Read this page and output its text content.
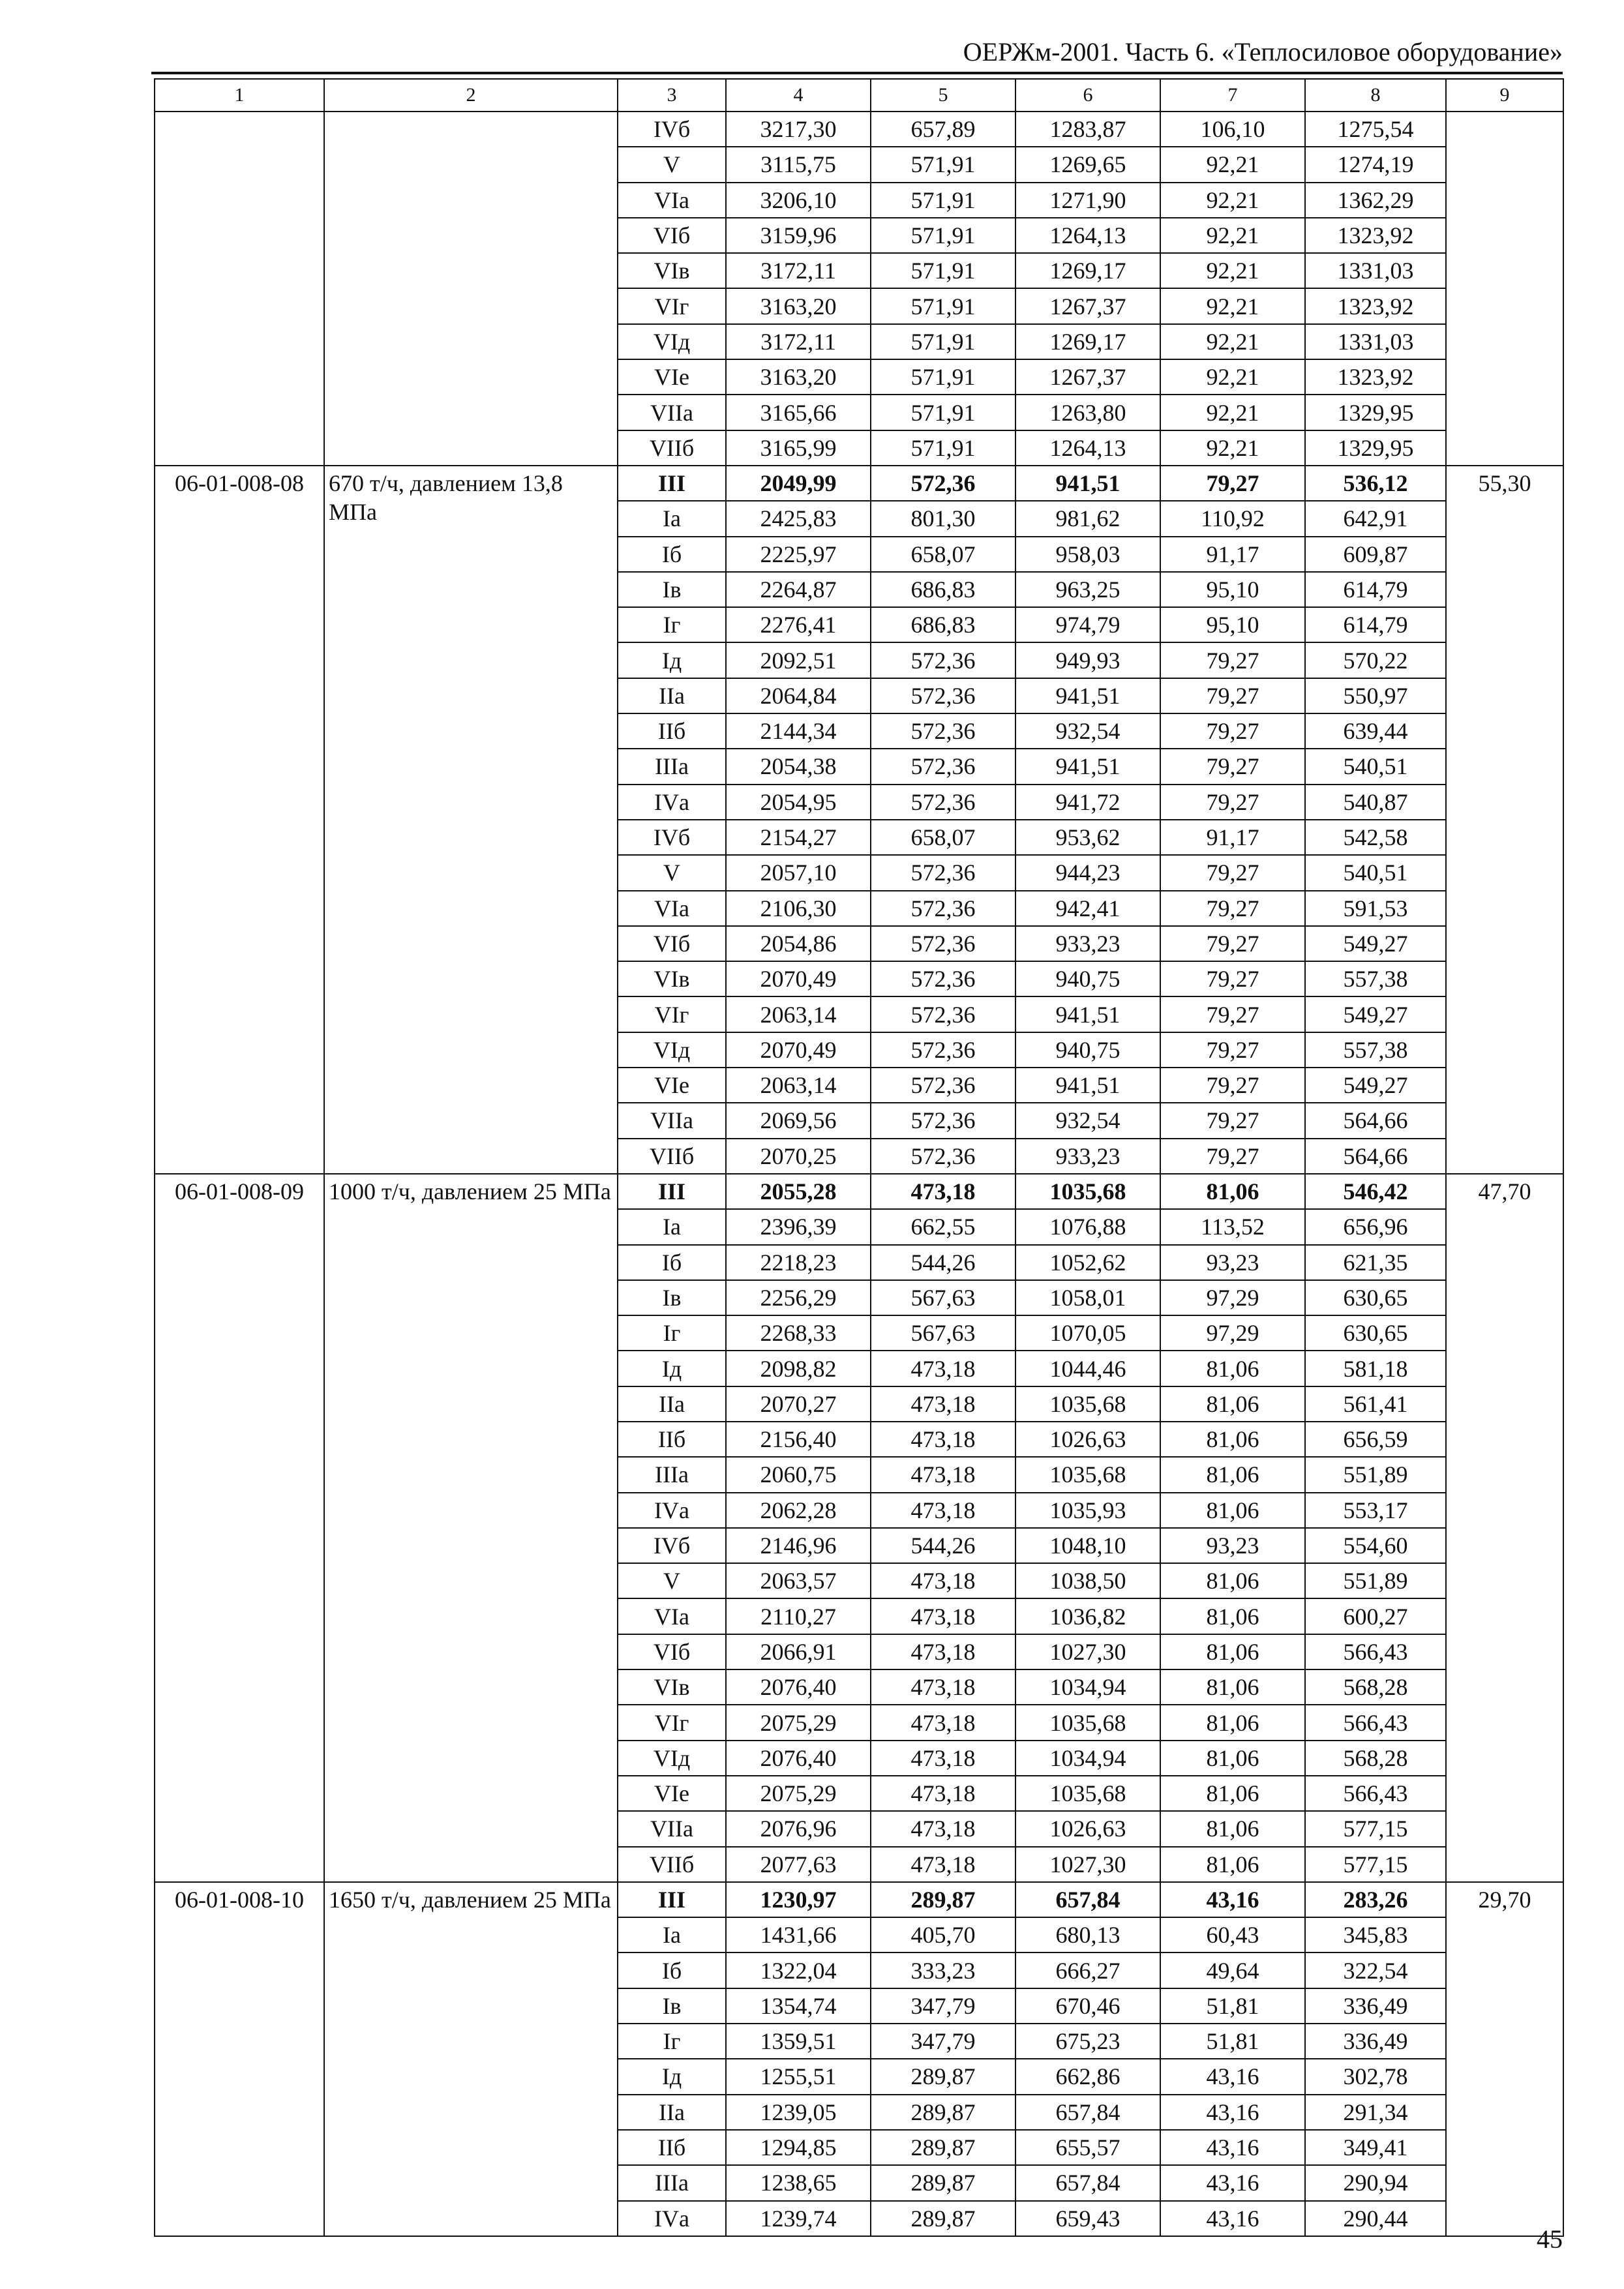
ОЕРЖм-2001. Часть 6. «Теплосиловое оборудование»
1	2	3	4	5	6	7	8	9
		IVб	3217,30	657,89	1283,87	106,10	1275,54	
		V	3115,75	571,91	1269,65	92,21	1274,19	
		VIа	3206,10	571,91	1271,90	92,21	1362,29	
		VIб	3159,96	571,91	1264,13	92,21	1323,92	
		VIв	3172,11	571,91	1269,17	92,21	1331,03	
		VIг	3163,20	571,91	1267,37	92,21	1323,92	
		VIд	3172,11	571,91	1269,17	92,21	1331,03	
		VIе	3163,20	571,91	1267,37	92,21	1323,92	
		VIIа	3165,66	571,91	1263,80	92,21	1329,95	
		VIIб	3165,99	571,91	1264,13	92,21	1329,95	
06-01-008-08	670 т/ч, давлением 13,8 МПа	III	2049,99	572,36	941,51	79,27	536,12	55,30
		Iа	2425,83	801,30	981,62	110,92	642,91	
		Iб	2225,97	658,07	958,03	91,17	609,87	
		Iв	2264,87	686,83	963,25	95,10	614,79	
		Iг	2276,41	686,83	974,79	95,10	614,79	
		Iд	2092,51	572,36	949,93	79,27	570,22	
		IIа	2064,84	572,36	941,51	79,27	550,97	
		IIб	2144,34	572,36	932,54	79,27	639,44	
		IIIа	2054,38	572,36	941,51	79,27	540,51	
		IVа	2054,95	572,36	941,72	79,27	540,87	
		IVб	2154,27	658,07	953,62	91,17	542,58	
		V	2057,10	572,36	944,23	79,27	540,51	
		VIа	2106,30	572,36	942,41	79,27	591,53	
		VIб	2054,86	572,36	933,23	79,27	549,27	
		VIв	2070,49	572,36	940,75	79,27	557,38	
		VIг	2063,14	572,36	941,51	79,27	549,27	
		VIд	2070,49	572,36	940,75	79,27	557,38	
		VIе	2063,14	572,36	941,51	79,27	549,27	
		VIIа	2069,56	572,36	932,54	79,27	564,66	
		VIIб	2070,25	572,36	933,23	79,27	564,66	
06-01-008-09	1000 т/ч, давлением 25 МПа	III	2055,28	473,18	1035,68	81,06	546,42	47,70
		Iа	2396,39	662,55	1076,88	113,52	656,96	
		Iб	2218,23	544,26	1052,62	93,23	621,35	
		Iв	2256,29	567,63	1058,01	97,29	630,65	
		Iг	2268,33	567,63	1070,05	97,29	630,65	
		Iд	2098,82	473,18	1044,46	81,06	581,18	
		IIа	2070,27	473,18	1035,68	81,06	561,41	
		IIб	2156,40	473,18	1026,63	81,06	656,59	
		IIIа	2060,75	473,18	1035,68	81,06	551,89	
		IVа	2062,28	473,18	1035,93	81,06	553,17	
		IVб	2146,96	544,26	1048,10	93,23	554,60	
		V	2063,57	473,18	1038,50	81,06	551,89	
		VIа	2110,27	473,18	1036,82	81,06	600,27	
		VIб	2066,91	473,18	1027,30	81,06	566,43	
		VIв	2076,40	473,18	1034,94	81,06	568,28	
		VIг	2075,29	473,18	1035,68	81,06	566,43	
		VIд	2076,40	473,18	1034,94	81,06	568,28	
		VIе	2075,29	473,18	1035,68	81,06	566,43	
		VIIа	2076,96	473,18	1026,63	81,06	577,15	
		VIIб	2077,63	473,18	1027,30	81,06	577,15	
06-01-008-10	1650 т/ч, давлением 25 МПа	III	1230,97	289,87	657,84	43,16	283,26	29,70
		Iа	1431,66	405,70	680,13	60,43	345,83	
		Iб	1322,04	333,23	666,27	49,64	322,54	
		Iв	1354,74	347,79	670,46	51,81	336,49	
		Iг	1359,51	347,79	675,23	51,81	336,49	
		Iд	1255,51	289,87	662,86	43,16	302,78	
		IIа	1239,05	289,87	657,84	43,16	291,34	
		IIб	1294,85	289,87	655,57	43,16	349,41	
		IIIа	1238,65	289,87	657,84	43,16	290,94	
		IVа	1239,74	289,87	659,43	43,16	290,44	
45
